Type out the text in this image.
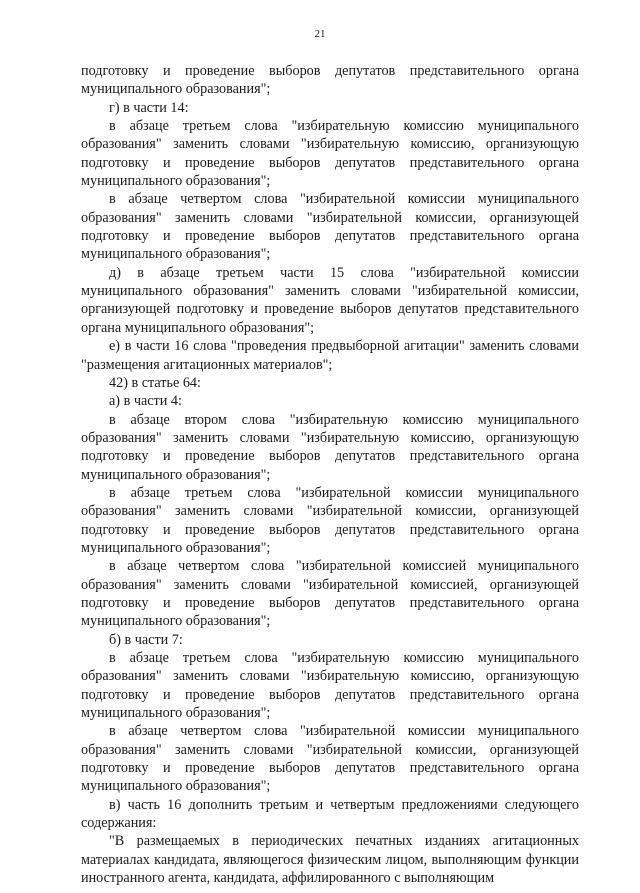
21

подготовку и проведение выборов депутатов представительного органа муниципального образования";

г) в части 14:

в абзаце третьем слова "избирательную комиссию муниципального образования" заменить словами "избирательную комиссию, организующую подготовку и проведение выборов депутатов представительного органа муниципального образования";

в абзаце четвертом слова "избирательной комиссии муниципального образования" заменить словами "избирательной комиссии, организующей подготовку и проведение выборов депутатов представительного органа муниципального образования";

д) в абзаце третьем части 15 слова "избирательной комиссии муниципального образования" заменить словами "избирательной комиссии, организующей подготовку и проведение выборов депутатов представительного органа муниципального образования";

е) в части 16 слова "проведения предвыборной агитации" заменить словами "размещения агитационных материалов";

42) в статье 64:

а) в части 4:

в абзаце втором слова "избирательную комиссию муниципального образования" заменить словами "избирательную комиссию, организующую подготовку и проведение выборов депутатов представительного органа муниципального образования";

в абзаце третьем слова "избирательной комиссии муниципального образования" заменить словами "избирательной комиссии, организующей подготовку и проведение выборов депутатов представительного органа муниципального образования";

в абзаце четвертом слова "избирательной комиссией муниципального образования" заменить словами "избирательной комиссией, организующей подготовку и проведение выборов депутатов представительного органа муниципального образования";

б) в части 7:

в абзаце третьем слова "избирательную комиссию муниципального образования" заменить словами "избирательную комиссию, организующую подготовку и проведение выборов депутатов представительного органа муниципального образования";

в абзаце четвертом слова "избирательной комиссии муниципального образования" заменить словами "избирательной комиссии, организующей подготовку и проведение выборов депутатов представительного органа муниципального образования";

в) часть 16 дополнить третьим и четвертым предложениями следующего содержания:

"В размещаемых в периодических печатных изданиях агитационных материалах кандидата, являющегося физическим лицом, выполняющим функции иностранного агента, кандидата, аффилированного с выполняющим
